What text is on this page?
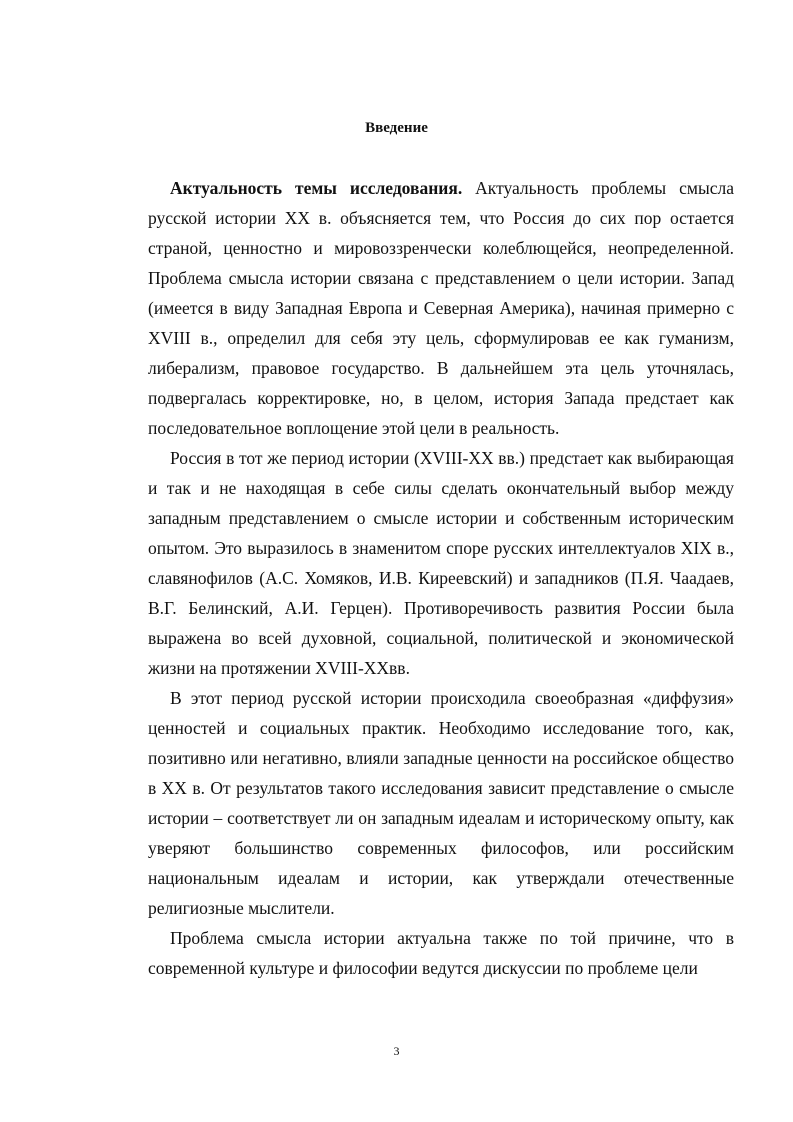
Введение

Актуальность темы исследования. Актуальность проблемы смысла русской истории XX в. объясняется тем, что Россия до сих пор остается страной, ценностно и мировоззренчески колеблющейся, неопределенной. Проблема смысла истории связана с представлением о цели истории. Запад (имеется в виду Западная Европа и Северная Америка), начиная примерно с XVIII в., определил для себя эту цель, сформулировав ее как гуманизм, либерализм, правовое государство. В дальнейшем эта цель уточнялась, подвергалась корректировке, но, в целом, история Запада предстает как последовательное воплощение этой цели в реальность.

Россия в тот же период истории (XVIII-XX вв.) предстает как выбирающая и так и не находящая в себе силы сделать окончательный выбор между западным представлением о смысле истории и собственным историческим опытом. Это выразилось в знаменитом споре русских интеллектуалов XIX в., славянофилов (А.С. Хомяков, И.В. Киреевский) и западников (П.Я. Чаадаев, В.Г. Белинский, А.И. Герцен). Противоречивость развития России была выражена во всей духовной, социальной, политической и экономической жизни на протяжении XVIII-XXвв.

В этот период русской истории происходила своеобразная «диффузия» ценностей и социальных практик. Необходимо исследование того, как, позитивно или негативно, влияли западные ценности на российское общество в XX в. От результатов такого исследования зависит представление о смысле истории – соответствует ли он западным идеалам и историческому опыту, как уверяют большинство современных философов, или российским национальным идеалам и истории, как утверждали отечественные религиозные мыслители.

Проблема смысла истории актуальна также по той причине, что в современной культуре и философии ведутся дискуссии по проблеме цели

3
